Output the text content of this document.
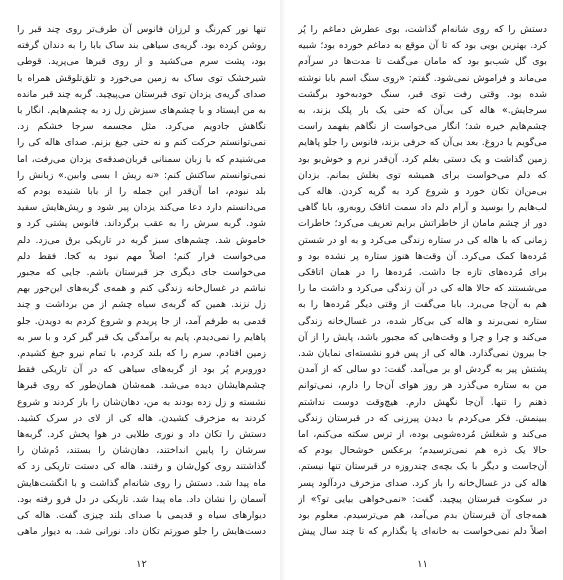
تنها نور کم‌رنگ و لرزان فانوس آن طرف‌تر روی چند قبر را روشن کرده بود. گریه‌ی سیاهی بند ساک بابا را به دندان گرفته بود، پشت سرم می‌کشید و از روی قبرها می‌پرید. قوطی شیرخشک توی ساک به زمین می‌خورد و تلق‌تلوقش همراه با صدای گریه‌ی یزدان توی قبرستان می‌پیچید. گربه چند قبر مانده به من ایستاد و با چشم‌های سبزش زل زد به چشم‌هایم. انگار با نگاهش جادویم می‌کرد. مثل مجسمه سرجا خشکم زد. نمی‌توانستم حرکت کنم و نه حتی جیغ بزنم. صدای هاله کی را می‌شنیدم که با زبان سمنانی قربان‌صدقه‌ی یزدان می‌رفت، اما نمی‌توانستم ساکتش کنم: «نه ریش ا بسی وابین.» زبانش را بلد نبودم، اما آن‌قدر این جمله را از بابا شنیده بودم که می‌دانستم دارد دعا می‌کند یزدان پیر شود و ریش‌هایش سفید شود. گربه سرش را به عقب برگرداند. فانوس پشتی کرد و خاموش شد. چشم‌های سبز گربه در تاریکی برق می‌زد. دلم می‌خواست فرار کنم؛ اصلاً مهم نبود به کجا. فقط دلم می‌خواست جای دیگری جز قبرستان باشم. جایی که مجبور نباشم در غسال‌خانه زندگی کنم و همه‌ی گربه‌های این‌جور بهم زل نزند. همین که گربه‌ی سیاه چشم از من برداشت و چند قدمی به طرفم آمد، از جا پریدم و شروع کردم به دویدن. جلو پاهایم را نمی‌دیدم. پایم به برآمدگی یک قبر گیر کرد و با سر به زمین افتادم. سرم را که بلند کردم، با تمام نیرو جیغ کشیدم. دوروبرم پُر بود از گربه‌های سیاهی که در آن تاریکی فقط چشم‌هایشان دیده می‌شد. همه‌شان همان‌طور که روی قبرها نشسته و زل زده بودند به من، دهان‌شان را باز کردند و شروع کردند به مزخرف کشیدن. هاله کی از لای در سرک کشید. دستش را تکان داد و نوری طلایی در هوا پخش کرد. گربه‌ها سرشان را پایین انداختند، دهان‌شان را بستند، دُم‌شان را گذاشتند روی کول‌شان و رفتند. هاله کی دستت تاریکی زد که ماه پیدا شد. دستش را روی شانه‌ام گذاشت و با انگشت‌هایش آسمان را نشان داد. ماه پیدا شد. تاریکی در دل فرو رفته بود. دیوارهای سیاه و قدیمی با صدای بلند چیزی گفت. هاله کی دست‌هایش را جلو صورتم تکان داد. نورانی شد. به دیوار ماهی
۱۲
دستش را که روی شانه‌ام گذاشت، بوی عطرش دماغم را پُر کرد. بهترین بویی بود که تا آن موقع به دماغم خورده بود؛ شبیه بوی گل شب‌بو بود که مامان می‌گفت تا مدت‌ها در سرآدم می‌ماند و فراموش نمی‌شود. گفتم: «روی سنگ اسم بابا نوشته شده بود. وقتی رفت توی قبر، سنگ خودبه‌خود برگشت سرجایش.» هاله کی بی‌آن که حتی یک بار پلک بزند، به چشم‌هایم خیره شد؛ انگار می‌خواست از نگاهم بفهمد راست می‌گویم یا دروغ. بعد بی‌آن که حرفی بزند، فانوس را جلو پاهایم زمین گذاشت و یک دستی بغلم کرد. آن‌قدر نرم و خوش‌بو بود که دلم می‌خواست برای همیشه توی بغلش بمانم. بزدان بی‌من‌ان تکان خورد و شروع کرد به گریه کردن. هاله کی لب‌هایم را بوسید و آرام دلم داد سمت اتاقک روبه‌رو، بابا گاهی دور از چشم مامان از خاطراتش برایم تعریف می‌کرد؛ خاطرات زمانی که با هاله کی در ستاره زندگی می‌کرد و به او در شستن مُرده‌ها کمک می‌کرد. آن وقت‌ها هنوز ستاره پر نشده بود و برای مُرده‌های تازه جا داشت. مُرده‌ها را در همان اتاقکی می‌شستند که حالا هاله کی در آن زندگی می‌کرد و داشت ما را هم به آن‌جا می‌برد. بابا می‌گفت از وقتی دیگر مُرده‌ها را به ستاره نمی‌برند و هاله کی بی‌کار شده، در غسال‌خانه زندگی می‌کند و چرا و چرا و وقت‌هایی که مجبور باشد، پایش را از آن جا بیرون نمی‌گذارد. هاله کی از پس فرو نشسته‌ای نمایان شد. پشتش پیر به گردش او بر می‌آمد. گفت: دو سالی که از آمدن من به ستاره می‌گذرد هر روز هوای آن‌جا را دارم، نمی‌توانم ذهنم را تنها. آن‌جا نگهش دارم. هیچ‌وقت دوست نداشتم ببینمش. فکر می‌کردم با دیدن پیرزنی که در قبرستان زندگی می‌کند و شغلش مُرده‌شویی بوده، از ترس سکته می‌کنم، اما حالا یک ذره هم نمی‌ترسیدم؛ برعکس خوشحال بودم که آن‌جاست و دیگر با یک بچه‌ی چندروزه در قبرستان تنها نیستم. هاله کی در غسال‌خانه را باز کرد. صدای مزخرف دردآلود پسر در سکوت قبرستان پیچید. گفت: «نمی‌خواهی بیایی تو؟» از همه‌جای آن قبرستان بدم می‌آمد، هم می‌ترسیدم. معلوم بود اصلاً دلم نمی‌خواست به خانه‌ای پا بگذارم که تا چند سال پیش
۱۱
